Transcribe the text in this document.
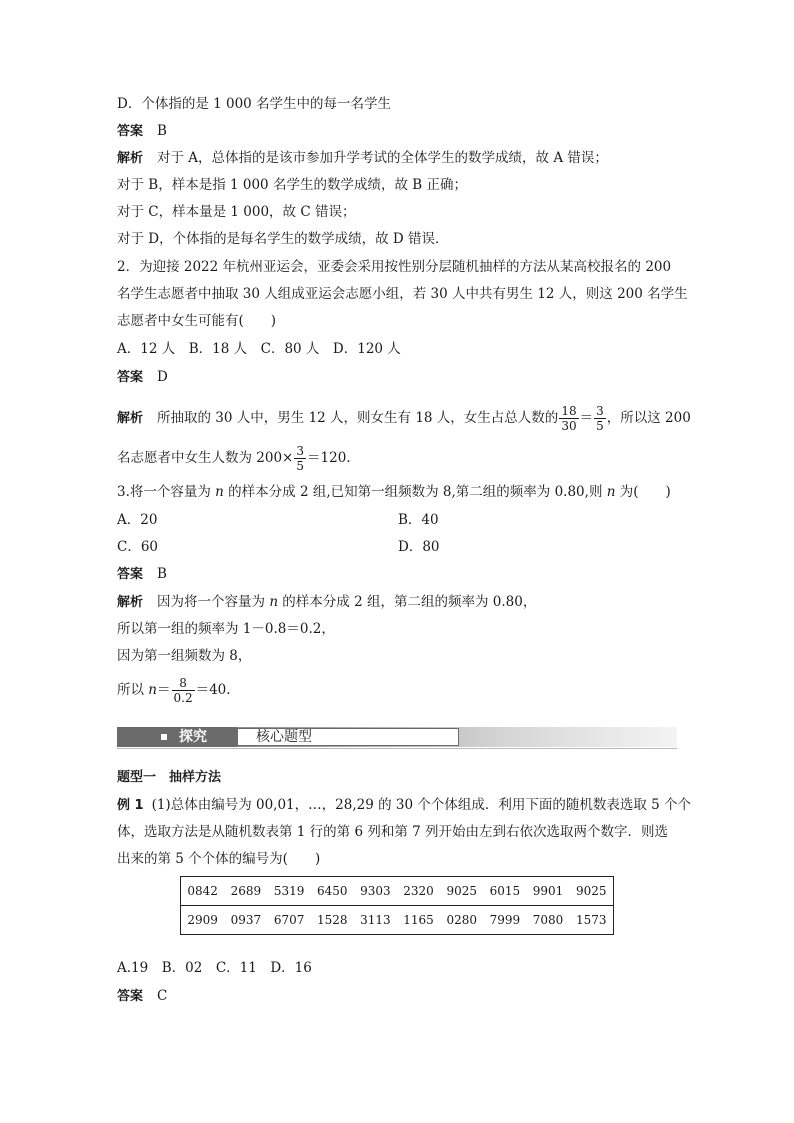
D．个体指的是 1 000 名学生中的每一名学生
答案 B
解析 对于 A，总体指的是该市参加升学考试的全体学生的数学成绩，故 A 错误；
对于 B，样本是指 1 000 名学生的数学成绩，故 B 正确；
对于 C，样本量是 1 000，故 C 错误；
对于 D，个体指的是每名学生的数学成绩，故 D 错误．
2．为迎接 2022 年杭州亚运会，亚委会采用按性别分层随机抽样的方法从某高校报名的 200
名学生志愿者中抽取 30 人组成亚运会志愿小组，若 30 人中共有男生 12 人，则这 200 名学生
志愿者中女生可能有(　　)
A．12 人　B．18 人　C．80 人　D．120 人
答案 D
解析 所抽取的 30 人中，男生 12 人，则女生有 18 人，女生占总人数的 $\frac{18}{30} = \frac{3}{5}$ ，所以这 200
名志愿者中女生人数为 $200\times \frac{3}{5} =120$.
3.将一个容量为 n 的样本分成 2 组,已知第一组频数为 8,第二组的频率为 0.80,则 n 为(　　)
A．20	B．40
C．60	D．80
答案 B
解析 因为将一个容量为 n 的样本分成 2 组，第二组的频率为 0.80，
所以第一组的频率为 1－0.8＝0.2，
因为第一组频数为 8，
所以 $n= \frac{8}{0.2} =40$.
探究	核心题型
题型一　抽样方法
例 1 (1)总体由编号为 00,01，…，28,29 的 30 个个体组成．利用下面的随机数表选取 5 个个
体，选取方法是从随机数表第 1 行的第 6 列和第 7 列开始由左到右依次选取两个数字．则选
出来的第 5 个个体的编号为(　　)
0842	2689	5319	6450	9303	2320	9025	6015	9901	9025
2909	0937	6707	1528	3113	1165	0280	7999	7080	1573
A.19　B．02　C．11　D．16
答案 C
